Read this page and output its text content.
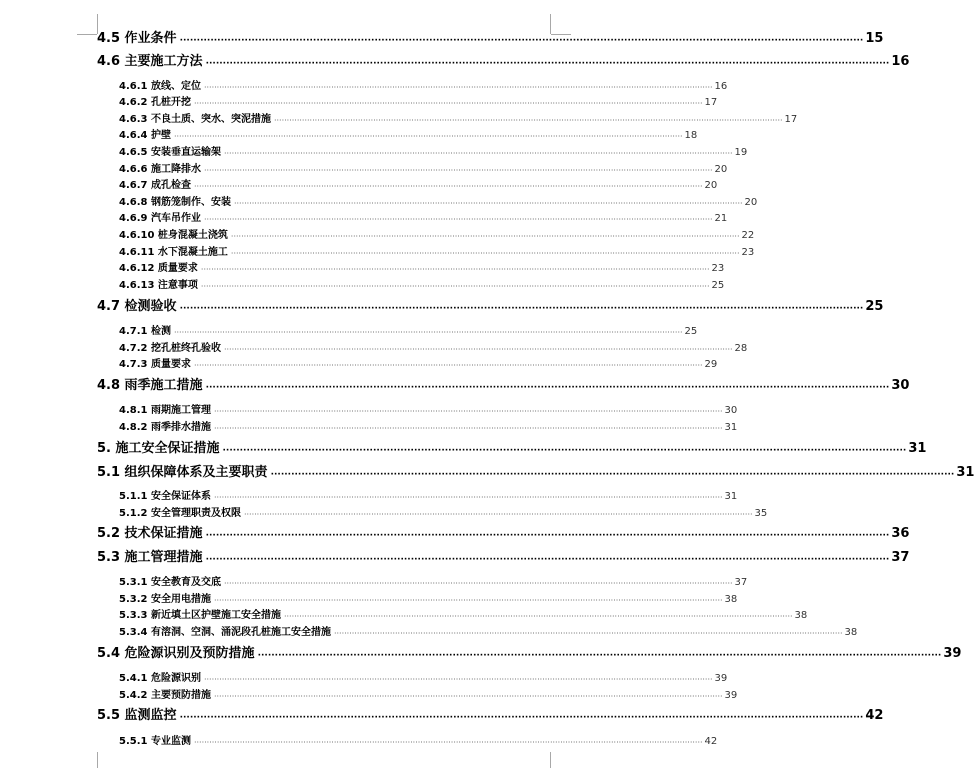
4.5 作业条件 ········································································································································································································ 15
4.6 主要施工方法 ········································································································································································································ 16
4.6.1 放线、定位 ········································································································································································································ 16
4.6.2 孔桩开挖 ········································································································································································································ 17
4.6.3 不良土质、突水、突泥措施 ········································································································································································································ 17
4.6.4 护壁 ········································································································································································································ 18
4.6.5 安装垂直运输架 ········································································································································································································ 19
4.6.6 施工降排水 ········································································································································································································ 20
4.6.7 成孔检查 ········································································································································································································ 20
4.6.8 钢筋笼制作、安装 ········································································································································································································ 20
4.6.9 汽车吊作业 ········································································································································································································ 21
4.6.10 桩身混凝土浇筑 ········································································································································································································ 22
4.6.11 水下混凝土施工 ········································································································································································································ 23
4.6.12 质量要求 ········································································································································································································ 23
4.6.13 注意事项 ········································································································································································································ 25
4.7 检测验收 ········································································································································································································ 25
4.7.1 检测 ········································································································································································································ 25
4.7.2 挖孔桩终孔验收 ········································································································································································································ 28
4.7.3 质量要求 ········································································································································································································ 29
4.8 雨季施工措施 ········································································································································································································ 30
4.8.1 雨期施工管理 ········································································································································································································ 30
4.8.2 雨季排水措施 ········································································································································································································ 31
5. 施工安全保证措施 ········································································································································································································ 31
5.1 组织保障体系及主要职责 ········································································································································································································ 31
5.1.1 安全保证体系 ········································································································································································································ 31
5.1.2 安全管理职责及权限 ········································································································································································································ 35
5.2 技术保证措施 ········································································································································································································ 36
5.3 施工管理措施 ········································································································································································································ 37
5.3.1 安全教育及交底 ········································································································································································································ 37
5.3.2 安全用电措施 ········································································································································································································ 38
5.3.3 新近填土区护壁施工安全措施 ········································································································································································································ 38
5.3.4 有溶洞、空洞、涌泥段孔桩施工安全措施 ········································································································································································································ 38
5.4 危险源识别及预防措施 ········································································································································································································ 39
5.4.1 危险源识别 ········································································································································································································ 39
5.4.2 主要预防措施 ········································································································································································································ 39
5.5 监测监控 ········································································································································································································ 42
5.5.1 专业监测 ········································································································································································································ 42
